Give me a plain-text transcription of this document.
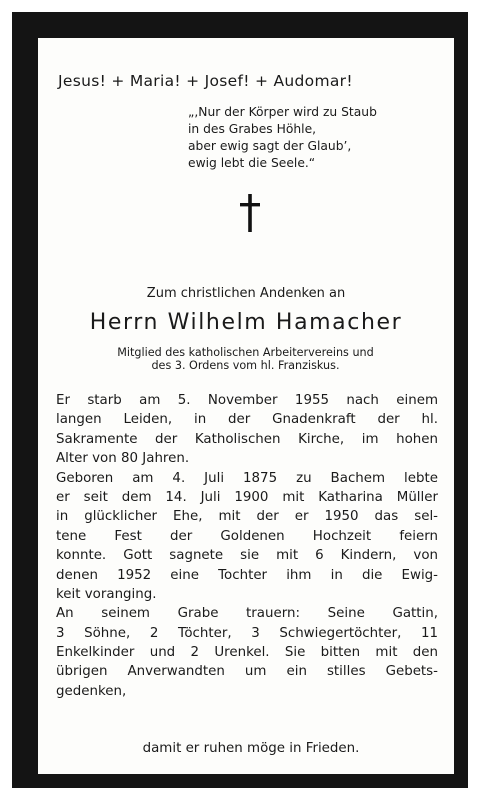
Jesus! + Maria! + Josef! + Audomar!
„,Nur der Körper wird zu Staub
in des Grabes Höhle,
aber ewig sagt der Glaub’,
ewig lebt die Seele.“
Zum christlichen Andenken an
Herrn Wilhelm Hamacher
Mitglied des katholischen Arbeitervereins und
des 3. Ordens vom hl. Franziskus.
Er starb am 5. November 1955 nach einem
langen Leiden, in der Gnadenkraft der hl.
Sakramente der Katholischen Kirche, im hohen
Alter von 80 Jahren.
Geboren am 4. Juli 1875 zu Bachem lebte
er seit dem 14. Juli 1900 mit Katharina Müller
in glücklicher Ehe, mit der er 1950 das sel-
tene Fest der Goldenen Hochzeit feiern
konnte. Gott sagnete sie mit 6 Kindern, von
denen 1952 eine Tochter ihm in die Ewig-
keit voranging.
An seinem Grabe trauern: Seine Gattin,
3 Söhne, 2 Töchter, 3 Schwiegertöchter, 11
Enkelkinder und 2 Urenkel. Sie bitten mit den
übrigen Anverwandten um ein stilles Gebets-
gedenken,
damit er ruhen möge in Frieden.
